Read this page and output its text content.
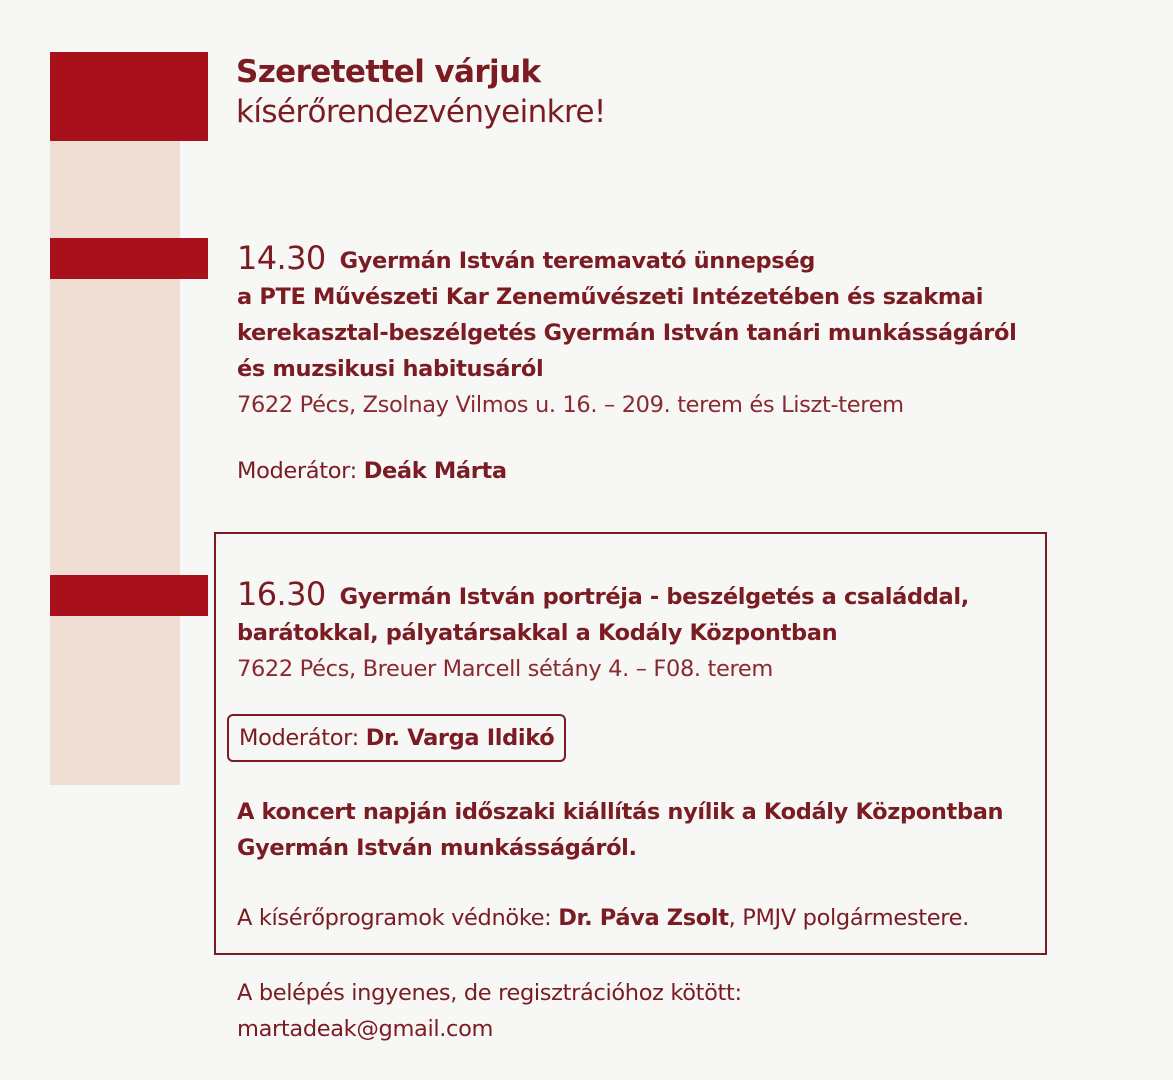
Szeretettel várjuk
kísérőrendezvényeinkre!
14.30 Gyermán István teremavató ünnepség
a PTE Művészeti Kar Zeneművészeti Intézetében és szakmai
kerekasztal-beszélgetés Gyermán István tanári munkásságáról
és muzsikusi habitusáról
7622 Pécs, Zsolnay Vilmos u. 16. – 209. terem és Liszt-terem
Moderátor: Deák Márta
16.30 Gyermán István portréja - beszélgetés a családdal,
barátokkal, pályatársakkal a Kodály Központban
7622 Pécs, Breuer Marcell sétány 4. – F08. terem
Moderátor: Dr. Varga Ildikó
A koncert napján időszaki kiállítás nyílik a Kodály Központban
Gyermán István munkásságáról.
A kísérőprogramok védnöke: Dr. Páva Zsolt, PMJV polgármestere.
A belépés ingyenes, de regisztrációhoz kötött:
martadeak@gmail.com
